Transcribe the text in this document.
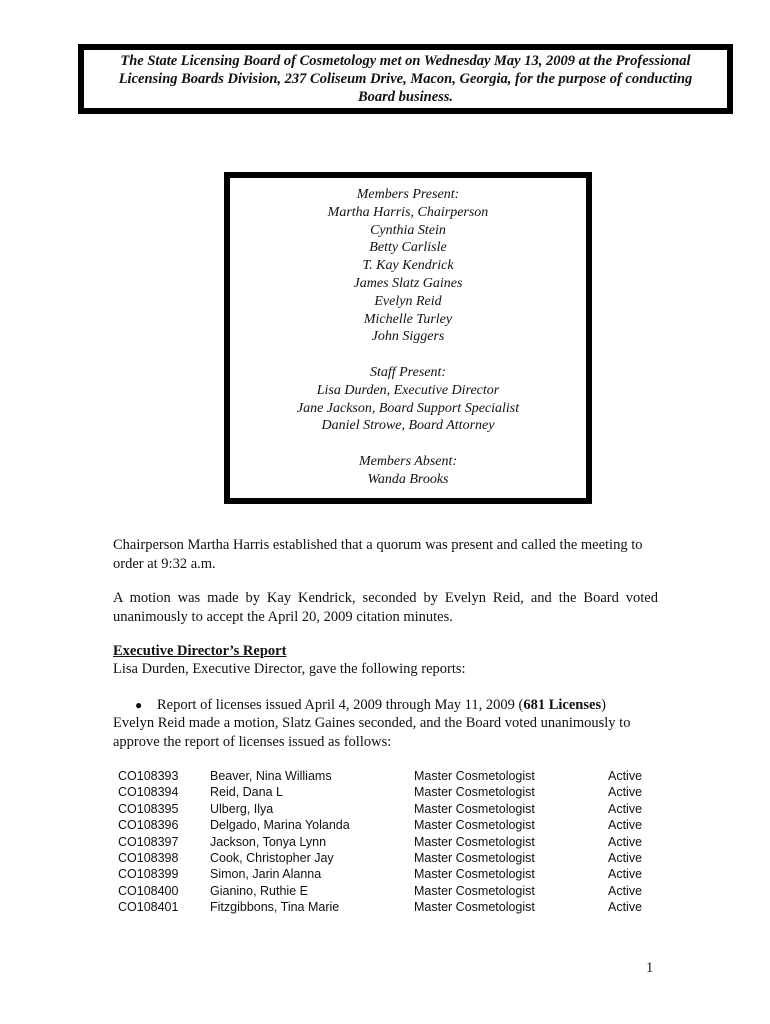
The State Licensing Board of Cosmetology met on Wednesday May 13, 2009 at the Professional Licensing Boards Division, 237 Coliseum Drive, Macon, Georgia, for the purpose of conducting Board business.

Members Present:
Martha Harris, Chairperson
Cynthia Stein
Betty Carlisle
T. Kay Kendrick
James Slatz Gaines
Evelyn Reid
Michelle Turley
John Siggers
Staff Present:
Lisa Durden, Executive Director
Jane Jackson, Board Support Specialist
Daniel Strowe, Board Attorney
Members Absent:
Wanda Brooks

Chairperson Martha Harris established that a quorum was present and called the meeting to order at 9:32 a.m.

A motion was made by Kay Kendrick, seconded by Evelyn Reid, and the Board voted unanimously to accept the April 20, 2009 citation minutes.

Executive Director’s Report

Lisa Durden, Executive Director, gave the following reports:

● Report of licenses issued April 4, 2009 through May 11, 2009 (681 Licenses)

Evelyn Reid made a motion, Slatz Gaines seconded, and the Board voted unanimously to approve the report of licenses issued as follows:

CO108393	Beaver, Nina Williams	Master Cosmetologist	Active
CO108394	Reid, Dana L	Master Cosmetologist	Active
CO108395	Ulberg, Ilya	Master Cosmetologist	Active
CO108396	Delgado, Marina Yolanda	Master Cosmetologist	Active
CO108397	Jackson, Tonya Lynn	Master Cosmetologist	Active
CO108398	Cook, Christopher Jay	Master Cosmetologist	Active
CO108399	Simon, Jarin Alanna	Master Cosmetologist	Active
CO108400	Gianino, Ruthie E	Master Cosmetologist	Active
CO108401	Fitzgibbons, Tina Marie	Master Cosmetologist	Active
1
